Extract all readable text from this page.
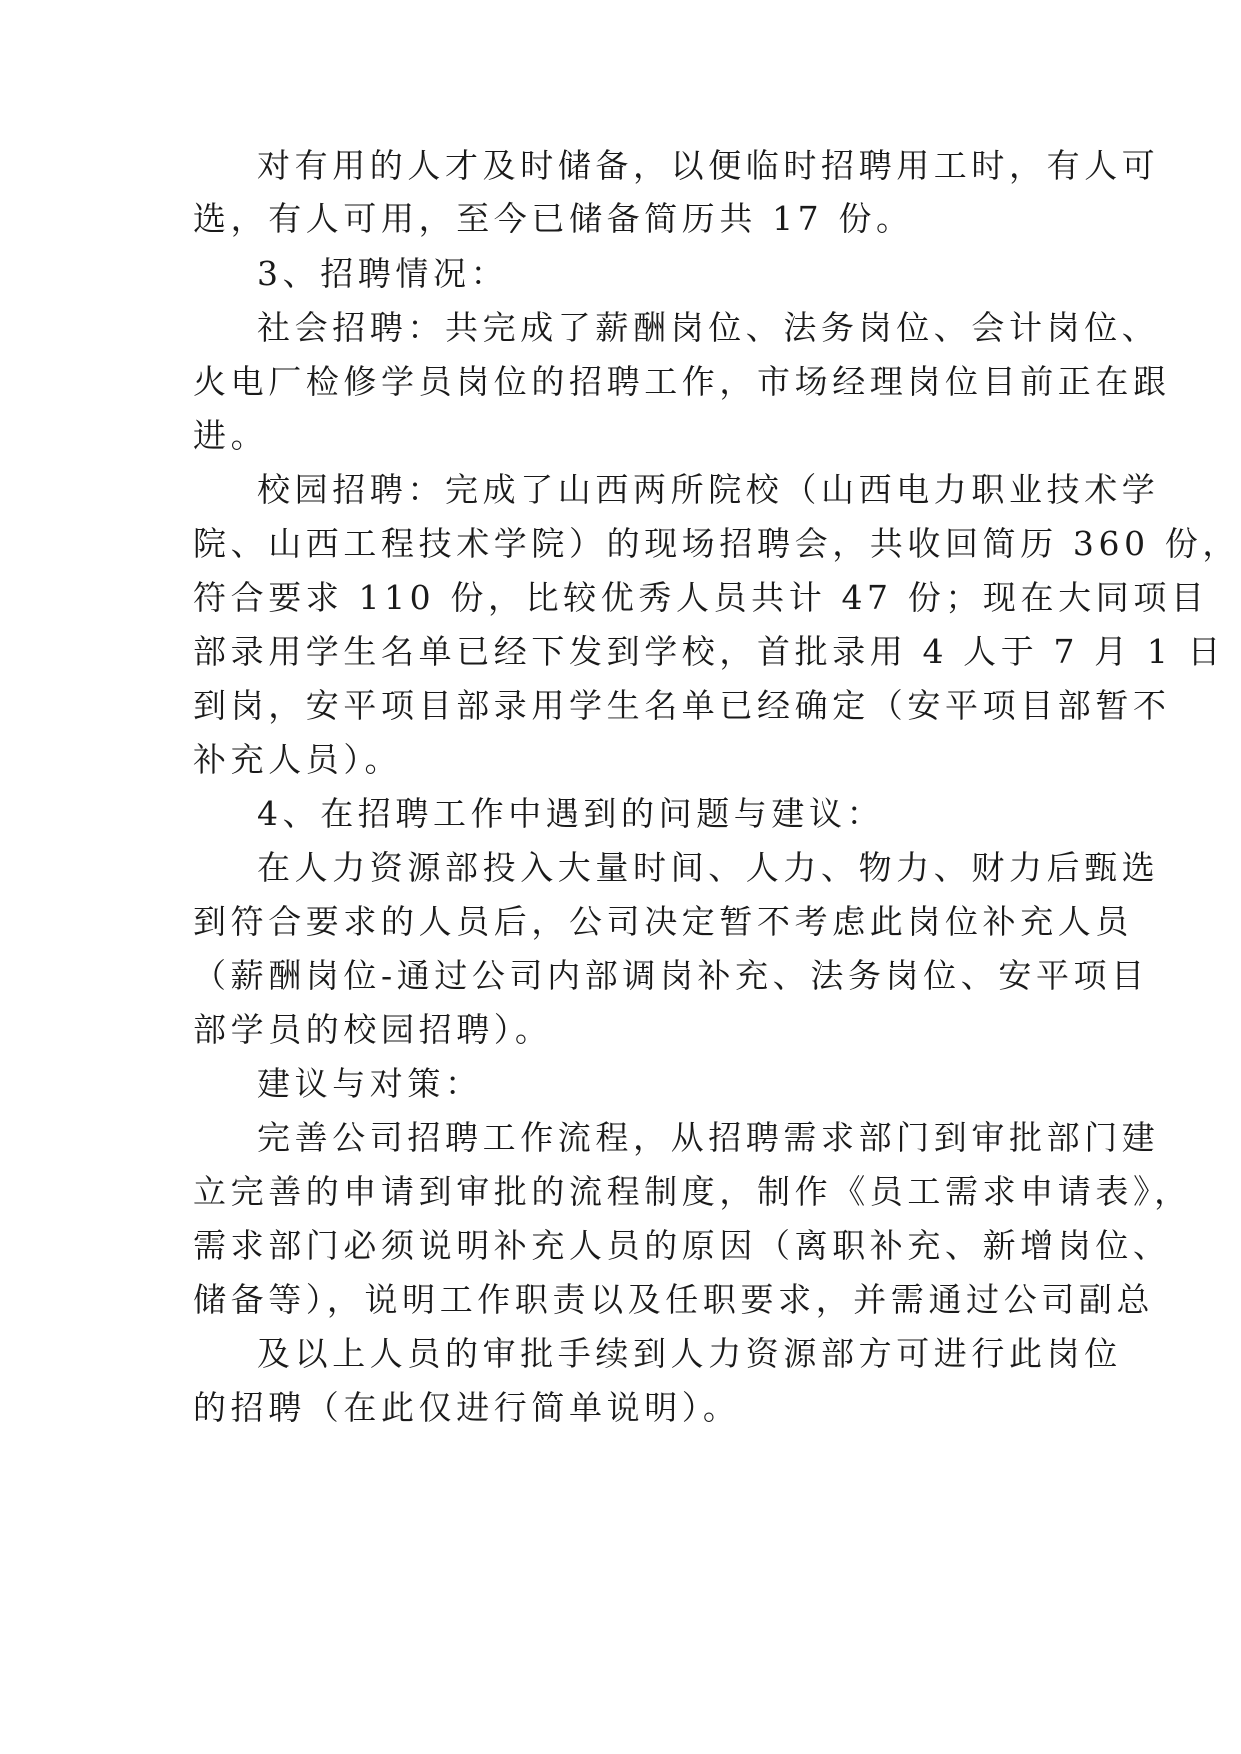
对有用的人才及时储备，以便临时招聘用工时，有人可
选，有人可用，至今已储备简历共 17 份。
3、招聘情况：
社会招聘：共完成了薪酬岗位、法务岗位、会计岗位、
火电厂检修学员岗位的招聘工作，市场经理岗位目前正在跟
进。
校园招聘：完成了山西两所院校（山西电力职业技术学
院、山西工程技术学院）的现场招聘会，共收回简历 360 份，
符合要求 110 份，比较优秀人员共计 47 份；现在大同项目
部录用学生名单已经下发到学校，首批录用 4 人于 7 月 1 日
到岗，安平项目部录用学生名单已经确定（安平项目部暂不
补充人员）。
4、在招聘工作中遇到的问题与建议：
在人力资源部投入大量时间、人力、物力、财力后甄选
到符合要求的人员后，公司决定暂不考虑此岗位补充人员
（薪酬岗位-通过公司内部调岗补充、法务岗位、安平项目
部学员的校园招聘）。
建议与对策：
完善公司招聘工作流程，从招聘需求部门到审批部门建
立完善的申请到审批的流程制度，制作《员工需求申请表》，
需求部门必须说明补充人员的原因（离职补充、新增岗位、
储备等），说明工作职责以及任职要求，并需通过公司副总
及以上人员的审批手续到人力资源部方可进行此岗位
的招聘（在此仅进行简单说明）。
